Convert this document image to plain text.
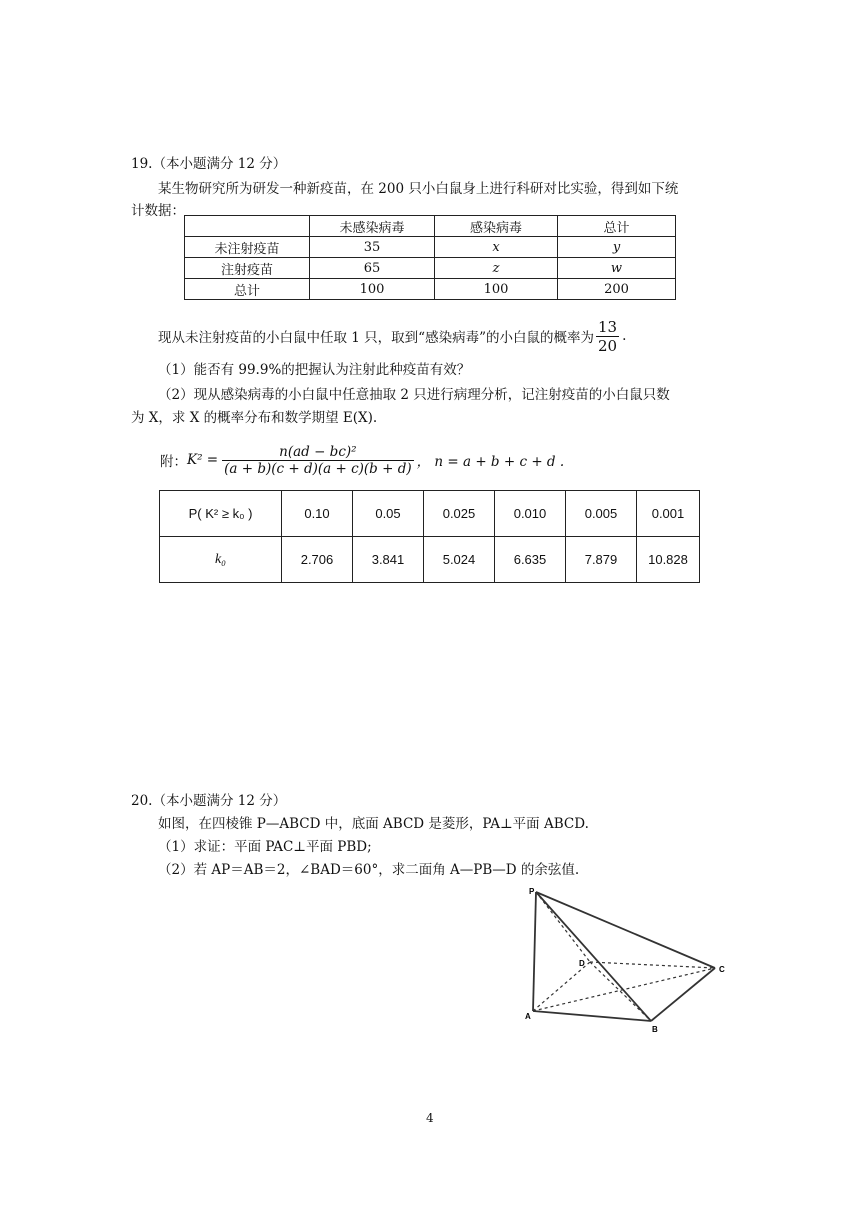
19.（本小题满分 12 分）
某生物研究所为研发一种新疫苗，在 200 只小白鼠身上进行科研对比实验，得到如下统
计数据：
	未感染病毒	感染病毒	总计
未注射疫苗	35	x	y
注射疫苗	65	z	w
总计	100	100	200
现从未注射疫苗的小白鼠中任取 1 只，取到“感染病毒”的小白鼠的概率为 $\frac{13}{20}$ .
（1）能否有 99.9%的把握认为注射此种疫苗有效？
（2）现从感染病毒的小白鼠中任意抽取 2 只进行病理分析，记注射疫苗的小白鼠只数
为 X，求 X 的概率分布和数学期望 E(X).
附： $K^2 = \frac{\text{n(ad − bc)²}}{(a + b)(c + d)(a + c)(b + d)}$ ， n = a + b + c + d .
P( K² ≥ k₀ )	0.10	0.05	0.025	0.010	0.005	0.001
k₀	2.706	3.841	5.024	6.635	7.879	10.828
20.（本小题满分 12 分）
如图，在四棱锥 P—ABCD 中，底面 ABCD 是菱形，PA⊥平面 ABCD.
（1）求证：平面 PAC⊥平面 PBD;
（2）若 AP＝AB＝2，∠BAD＝60°，求二面角 A—PB—D 的余弦值.
P
A
B
C
D
4
